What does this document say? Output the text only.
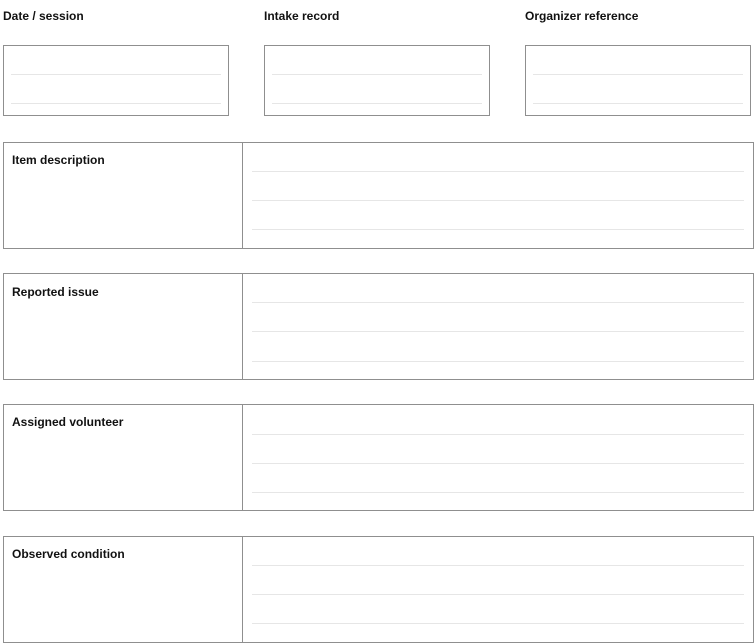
Date / session	Intake record	Organizer reference
Item description
Reported issue
Assigned volunteer
Observed condition
